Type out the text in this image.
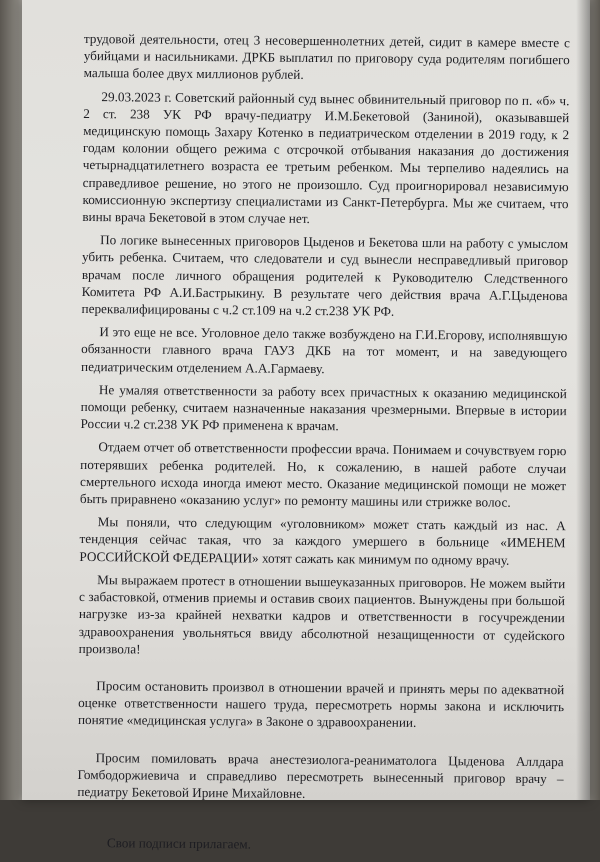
трудовой деятельности, отец 3 несовершеннолетних детей, сидит в камере вместе с убийцами и насильниками. ДРКБ выплатил по приговору суда родителям погибшего малыша более двух миллионов рублей.

29.03.2023 г. Советский районный суд вынес обвинительный приговор по п. «б» ч. 2 ст. 238 УК РФ врачу-педиатру И.М.Бекетовой (Заниной), оказывавшей медицинскую помощь Захару Котенко в педиатрическом отделении в 2019 году, к 2 годам колонии общего режима с отсрочкой отбывания наказания до достижения четырнадцатилетнего возраста ее третьим ребенком. Мы терпеливо надеялись на справедливое решение, но этого не произошло. Суд проигнорировал независимую комиссионную экспертизу специалистами из Санкт-Петербурга. Мы же считаем, что вины врача Бекетовой в этом случае нет.

По логике вынесенных приговоров Цыденов и Бекетова шли на работу с умыслом убить ребенка. Считаем, что следователи и суд вынесли несправедливый приговор врачам после личного обращения родителей к Руководителю Следственного Комитета РФ А.И.Бастрыкину. В результате чего действия врача А.Г.Цыденова переквалифицированы с ч.2 ст.109 на ч.2 ст.238 УК РФ.

И это еще не все. Уголовное дело также возбуждено на Г.И.Егорову, исполнявшую обязанности главного врача ГАУЗ ДКБ на тот момент, и на заведующего педиатрическим отделением А.А.Гармаеву.

Не умаляя ответственности за работу всех причастных к оказанию медицинской помощи ребенку, считаем назначенные наказания чрезмерными. Впервые в истории России ч.2 ст.238 УК РФ применена к врачам.

Отдаем отчет об ответственности профессии врача. Понимаем и сочувствуем горю потерявших ребенка родителей. Но, к сожалению, в нашей работе случаи смертельного исхода иногда имеют место. Оказание медицинской помощи не может быть приравнено «оказанию услуг» по ремонту машины или стрижке волос.

Мы поняли, что следующим «уголовником» может стать каждый из нас. А тенденция сейчас такая, что за каждого умершего в больнице «ИМЕНЕМ РОССИЙСКОЙ ФЕДЕРАЦИИ» хотят сажать как минимум по одному врачу.

Мы выражаем протест в отношении вышеуказанных приговоров. Не можем выйти с забастовкой, отменив приемы и оставив своих пациентов. Вынуждены при большой нагрузке из-за крайней нехватки кадров и ответственности в госучреждении здравоохранения увольняться ввиду абсолютной незащищенности от судейского произвола!

Просим остановить произвол в отношении врачей и принять меры по адекватной оценке ответственности нашего труда, пересмотреть нормы закона и исключить понятие «медицинская услуга» в Законе о здравоохранении.

Просим помиловать врача анестезиолога-реаниматолога Цыденова Аллдара Гомбодоржиевича и справедливо пересмотреть вынесенный приговор врачу – педиатру Бекетовой Ирине Михайловне.

Свои подписи прилагаем.
